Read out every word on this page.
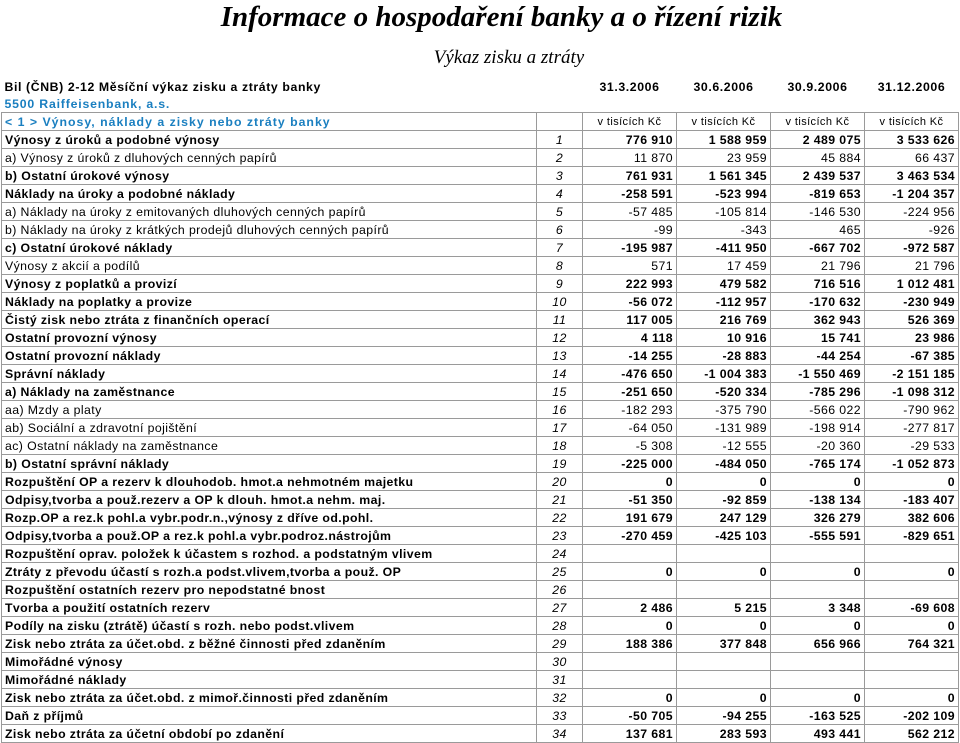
Informace o hospodaření banky a o řízení rizik
Výkaz zisku a ztráty
Bil (ČNB) 2-12 Měsíční výkaz zisku a ztráty banky		31.3.2006	30.6.2006	30.9.2006	31.12.2006
5500 Raiffeisenbank, a.s.					
< 1 > Výnosy, náklady a zisky nebo ztráty banky		v tisících Kč	v tisících Kč	v tisících Kč	v tisících Kč
Výnosy z úroků a podobné výnosy	1	776 910	1 588 959	2 489 075	3 533 626
a) Výnosy z úroků z dluhových cenných papírů	2	11 870	23 959	45 884	66 437
b) Ostatní úrokové výnosy	3	761 931	1 561 345	2 439 537	3 463 534
Náklady na úroky a podobné náklady	4	-258 591	-523 994	-819 653	-1 204 357
a) Náklady na úroky z emitovaných dluhových cenných papírů	5	-57 485	-105 814	-146 530	-224 956
b) Náklady na úroky z krátkých prodejů dluhových cenných papírů	6	-99	-343	465	-926
c) Ostatní úrokové náklady	7	-195 987	-411 950	-667 702	-972 587
Výnosy z akcií a podílů	8	571	17 459	21 796	21 796
Výnosy z poplatků a provizí	9	222 993	479 582	716 516	1 012 481
Náklady na poplatky a provize	10	-56 072	-112 957	-170 632	-230 949
Čistý zisk nebo ztráta z finančních operací	11	117 005	216 769	362 943	526 369
Ostatní provozní výnosy	12	4 118	10 916	15 741	23 986
Ostatní provozní náklady	13	-14 255	-28 883	-44 254	-67 385
Správní náklady	14	-476 650	-1 004 383	-1 550 469	-2 151 185
a) Náklady na zaměstnance	15	-251 650	-520 334	-785 296	-1 098 312
aa) Mzdy a platy	16	-182 293	-375 790	-566 022	-790 962
ab) Sociální a zdravotní pojištění	17	-64 050	-131 989	-198 914	-277 817
ac) Ostatní náklady na zaměstnance	18	-5 308	-12 555	-20 360	-29 533
b) Ostatní správní náklady	19	-225 000	-484 050	-765 174	-1 052 873
Rozpuštění OP a rezerv k dlouhodob. hmot.a nehmotném majetku	20	0	0	0	0
Odpisy,tvorba a použ.rezerv a OP k dlouh. hmot.a nehm. maj.	21	-51 350	-92 859	-138 134	-183 407
Rozp.OP a rez.k pohl.a vybr.podr.n.,výnosy z dříve od.pohl.	22	191 679	247 129	326 279	382 606
Odpisy,tvorba a použ.OP a rez.k pohl.a vybr.podroz.nástrojům	23	-270 459	-425 103	-555 591	-829 651
Rozpuštění oprav. položek k účastem s rozhod. a podstatným vlivem	24				
Ztráty z převodu účastí s rozh.a podst.vlivem,tvorba a použ. OP	25	0	0	0	0
Rozpuštění ostatních rezerv pro nepodstatné bnost	26				
Tvorba a použití ostatních rezerv	27	2 486	5 215	3 348	-69 608
Podíly na zisku (ztrátě) účastí s rozh. nebo podst.vlivem	28	0	0	0	0
Zisk nebo ztráta za účet.obd. z běžné činnosti před zdaněním	29	188 386	377 848	656 966	764 321
Mimořádné výnosy	30				
Mimořádné náklady	31				
Zisk nebo ztráta za účet.obd. z mimoř.činnosti před zdaněním	32	0	0	0	0
Daň z příjmů	33	-50 705	-94 255	-163 525	-202 109
Zisk nebo ztráta za účetní období po zdanění	34	137 681	283 593	493 441	562 212
